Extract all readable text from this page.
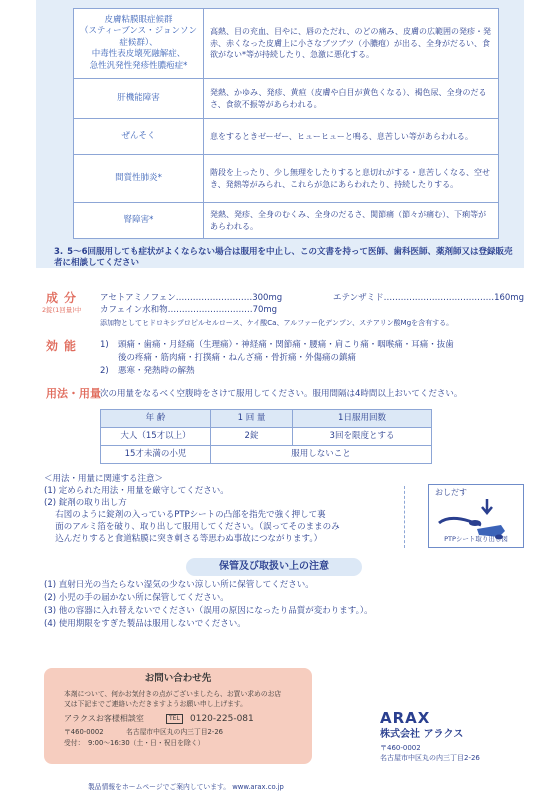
皮膚粘膜眼症候群
（スティーブンス・ジョンソン症候群）、
中毒性表皮壊死融解症、
急性汎発性発疹性膿疱症*	高熱、目の充血、目やに、唇のただれ、のどの痛み、皮膚の広範囲の発疹・発赤、赤くなった皮膚上に小さなブツブツ（小膿疱）が出る、全身がだるい、食欲がない*等が持続したり、急激に悪化する。
肝機能障害	発熱、かゆみ、発疹、黄疸（皮膚や白目が黄色くなる）、褐色尿、全身のだるさ、食欲不振等があらわれる。
ぜんそく	息をするときゼーゼー、ヒューヒューと鳴る、息苦しい等があらわれる。
間質性肺炎*	階段を上ったり、少し無理をしたりすると息切れがする・息苦しくなる、空せき、発熱等がみられ、これらが急にあらわれたり、持続したりする。
腎障害*	発熱、発疹、全身のむくみ、全身のだるさ、関節痛（節々が痛む）、下痢等があらわれる。
3. 5～6回服用しても症状がよくならない場合は服用を中止し、この文書を持って医師、歯科医師、薬剤師又は登録販売者に相談してください
成分
2錠(1回量)中
アセトアミノフェン………………………300mg	エテンザミド…………………………………160mg
カフェイン水和物…………………………70mg
添加物としてヒドロキシプロピルセルロース、ケイ酸Ca、アルファー化デンプン、ステアリン酸Mgを含有する。
効能 1) 頭痛・歯痛・月経痛（生理痛）・神経痛・関節痛・腰痛・肩こり痛・咽喉痛・耳痛・抜歯
後の疼痛・筋肉痛・打撲痛・ねんざ痛・骨折痛・外傷痛の鎮痛
2) 悪寒・発熱時の解熱
用法・用量 次の用量をなるべく空腹時をさけて服用してください。服用間隔は4時間以上おいてください。
年 齢	1 回 量	1日服用回数
大人（15才以上）	2錠	3回を限度とする
15才未満の小児	服用しないこと	
＜用法・用量に関連する注意＞
(1) 定められた用法・用量を厳守してください。
(2) 錠剤の取り出し方
　 右図のように錠剤の入っているPTPシートの凸部を指先で強く押して裏
　 面のアルミ箔を破り、取り出して服用してください。（誤ってそのままのみ
　 込んだりすると食道粘膜に突き刺さる等思わぬ事故につながります。）
おしだす
PTPシート取り出し図
保管及び取扱い上の注意
(1) 直射日光の当たらない湿気の少ない涼しい所に保管してください。
(2) 小児の手の届かない所に保管してください。
(3) 他の容器に入れ替えないでください（誤用の原因になったり品質が変わります。）。
(4) 使用期限をすぎた製品は服用しないでください。
お問い合わせ先
本剤について、何かお気付きの点がございましたら、お買い求めのお店
又は下記までご連絡いただきますようお願い申し上げます。
アラクスお客様相談室	TEL	0120-225-081
〒460-0002	名古屋市中区丸の内三丁目2-26
受付： 9:00～16:30（土・日・祝日を除く）
ARAX
株式会社 アラクス
〒460-0002
名古屋市中区丸の内三丁目2-26
製品情報をホームページでご案内しています。 www.arax.co.jp
